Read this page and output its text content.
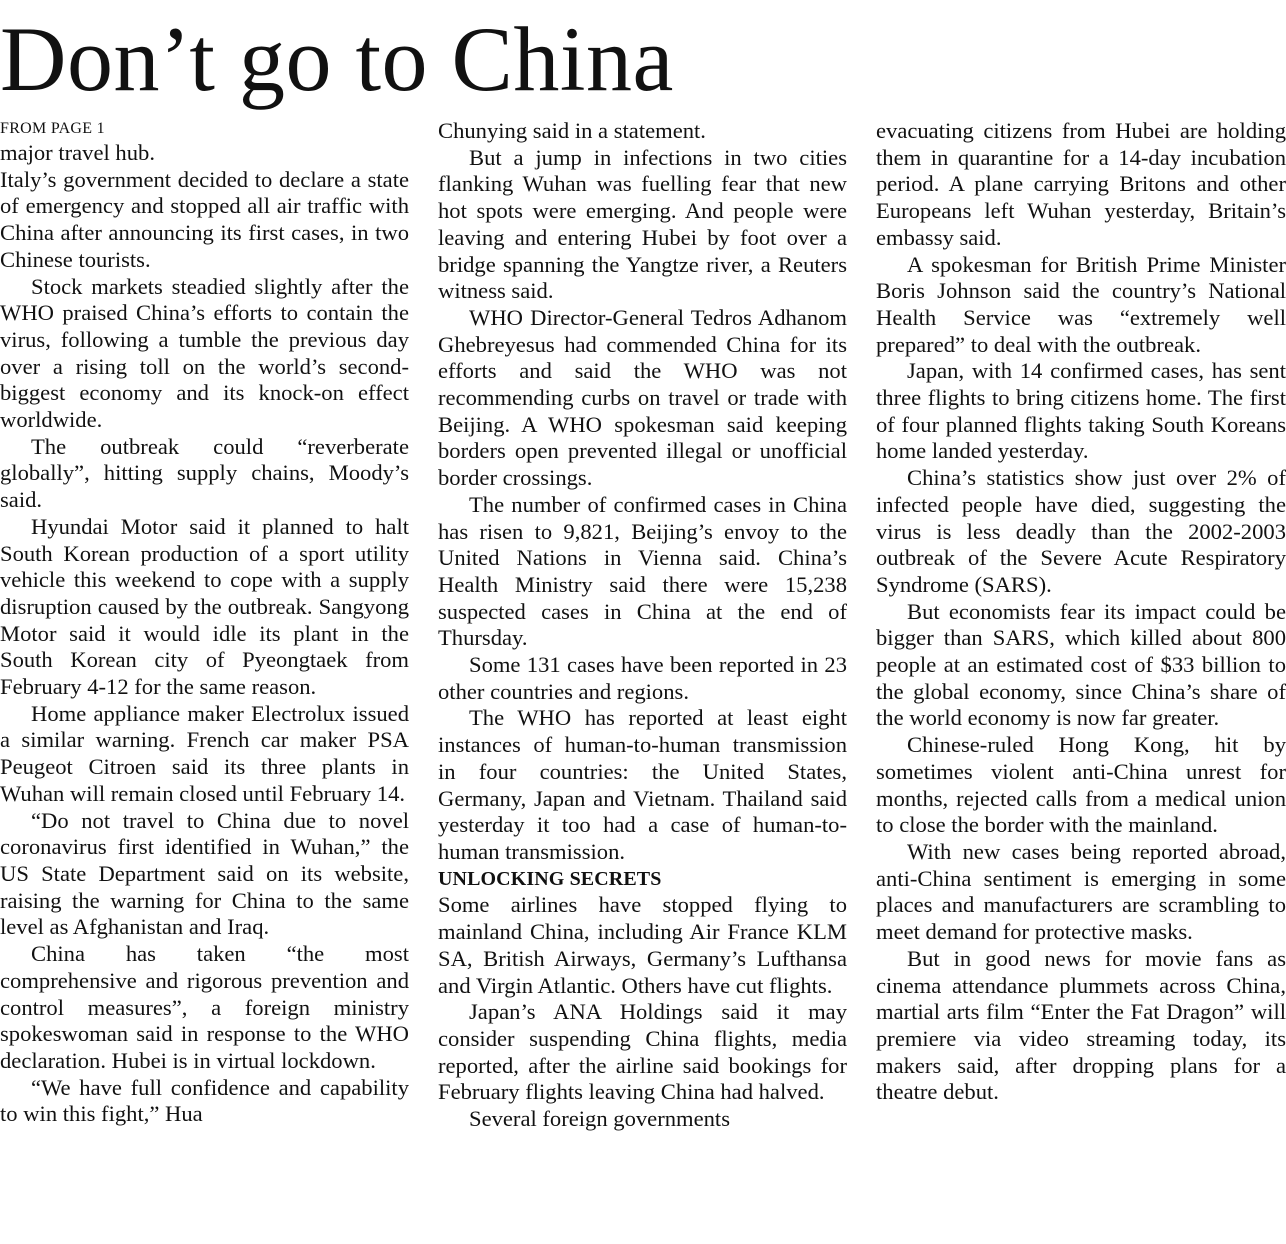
Don’t go to China
FROM PAGE 1

major travel hub.

Italy’s government decided to declare a state of emergency and stopped all air traffic with China after announcing its first cases, in two Chinese tourists.

Stock markets steadied slightly after the WHO praised China’s efforts to contain the virus, following a tumble the previous day over a rising toll on the world’s second-biggest economy and its knock-on effect worldwide.

The outbreak could “reverberate globally”, hitting supply chains, Moody’s said.

Hyundai Motor said it planned to halt South Korean production of a sport utility vehicle this weekend to cope with a supply disruption caused by the outbreak. Sangyong Motor said it would idle its plant in the South Korean city of Pyeongtaek from February 4-12 for the same reason.

Home appliance maker Electrolux issued a similar warning. French car maker PSA Peugeot Citroen said its three plants in Wuhan will remain closed until February 14.

“Do not travel to China due to novel coronavirus first identified in Wuhan,” the US State Department said on its website, raising the warning for China to the same level as Afghanistan and Iraq.

China has taken “the most comprehensive and rigorous prevention and control measures”, a foreign ministry spokeswoman said in response to the WHO declaration. Hubei is in virtual lockdown.

“We have full confidence and capability to win this fight,” Hua

Chunying said in a statement.

But a jump in infections in two cities flanking Wuhan was fuelling fear that new hot spots were emerging. And people were leaving and entering Hubei by foot over a bridge spanning the Yangtze river, a Reuters witness said.

WHO Director-General Tedros Adhanom Ghebreyesus had commended China for its efforts and said the WHO was not recommending curbs on travel or trade with Beijing. A WHO spokesman said keeping borders open prevented illegal or unofficial border crossings.

The number of confirmed cases in China has risen to 9,821, Beijing’s envoy to the United Nations in Vienna said. China’s Health Ministry said there were 15,238 suspected cases in China at the end of Thursday.

Some 131 cases have been reported in 23 other countries and regions.

The WHO has reported at least eight instances of human-to-human transmission in four countries: the United States, Germany, Japan and Vietnam. Thailand said yesterday it too had a case of human-to-human transmission.

UNLOCKING SECRETS

Some airlines have stopped flying to mainland China, including Air France KLM SA, British Airways, Germany’s Lufthansa and Virgin Atlantic. Others have cut flights.

Japan’s ANA Holdings said it may consider suspending China flights, media reported, after the airline said bookings for February flights leaving China had halved.

Several foreign governments

evacuating citizens from Hubei are holding them in quarantine for a 14-day incubation period. A plane carrying Britons and other Europeans left Wuhan yesterday, Britain’s embassy said.

A spokesman for British Prime Minister Boris Johnson said the country’s National Health Service was “extremely well prepared” to deal with the outbreak.

Japan, with 14 confirmed cases, has sent three flights to bring citizens home. The first of four planned flights taking South Koreans home landed yesterday.

China’s statistics show just over 2% of infected people have died, suggesting the virus is less deadly than the 2002-2003 outbreak of the Severe Acute Respiratory Syndrome (SARS).

But economists fear its impact could be bigger than SARS, which killed about 800 people at an estimated cost of $33 billion to the global economy, since China’s share of the world economy is now far greater.

Chinese-ruled Hong Kong, hit by sometimes violent anti-China unrest for months, rejected calls from a medical union to close the border with the mainland.

With new cases being reported abroad, anti-China sentiment is emerging in some places and manufacturers are scrambling to meet demand for protective masks.

But in good news for movie fans as cinema attendance plummets across China, martial arts film “Enter the Fat Dragon” will premiere via video streaming today, its makers said, after dropping plans for a theatre debut.
